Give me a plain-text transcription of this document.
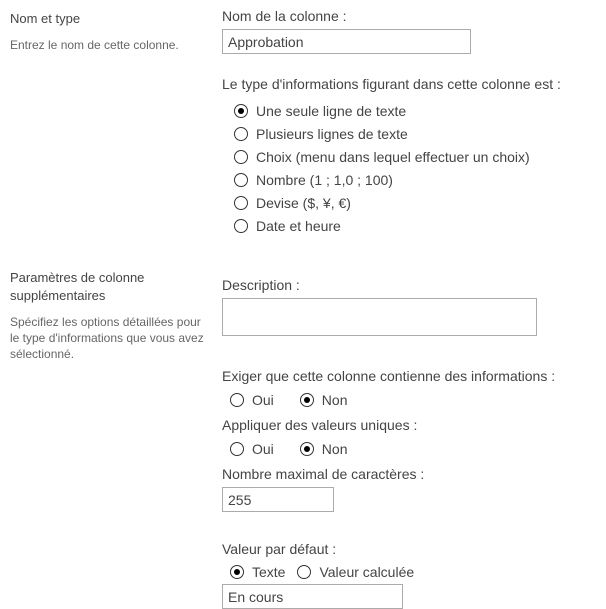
Nom et type
Entrez le nom de cette colonne.
Nom de la colonne :
Approbation
Le type d'informations figurant dans cette colonne est :
Une seule ligne de texte
Plusieurs lignes de texte
Choix (menu dans lequel effectuer un choix)
Nombre (1 ; 1,0 ; 100)
Devise ($, ¥, €)
Date et heure
Paramètres de colonne supplémentaires
Spécifiez les options détaillées pour le type d'informations que vous avez sélectionné.
Description :
Exiger que cette colonne contienne des informations :
Oui	Non
Appliquer des valeurs uniques :
Oui	Non
Nombre maximal de caractères :
255
Valeur par défaut :
Texte Valeur calculée
En cours
